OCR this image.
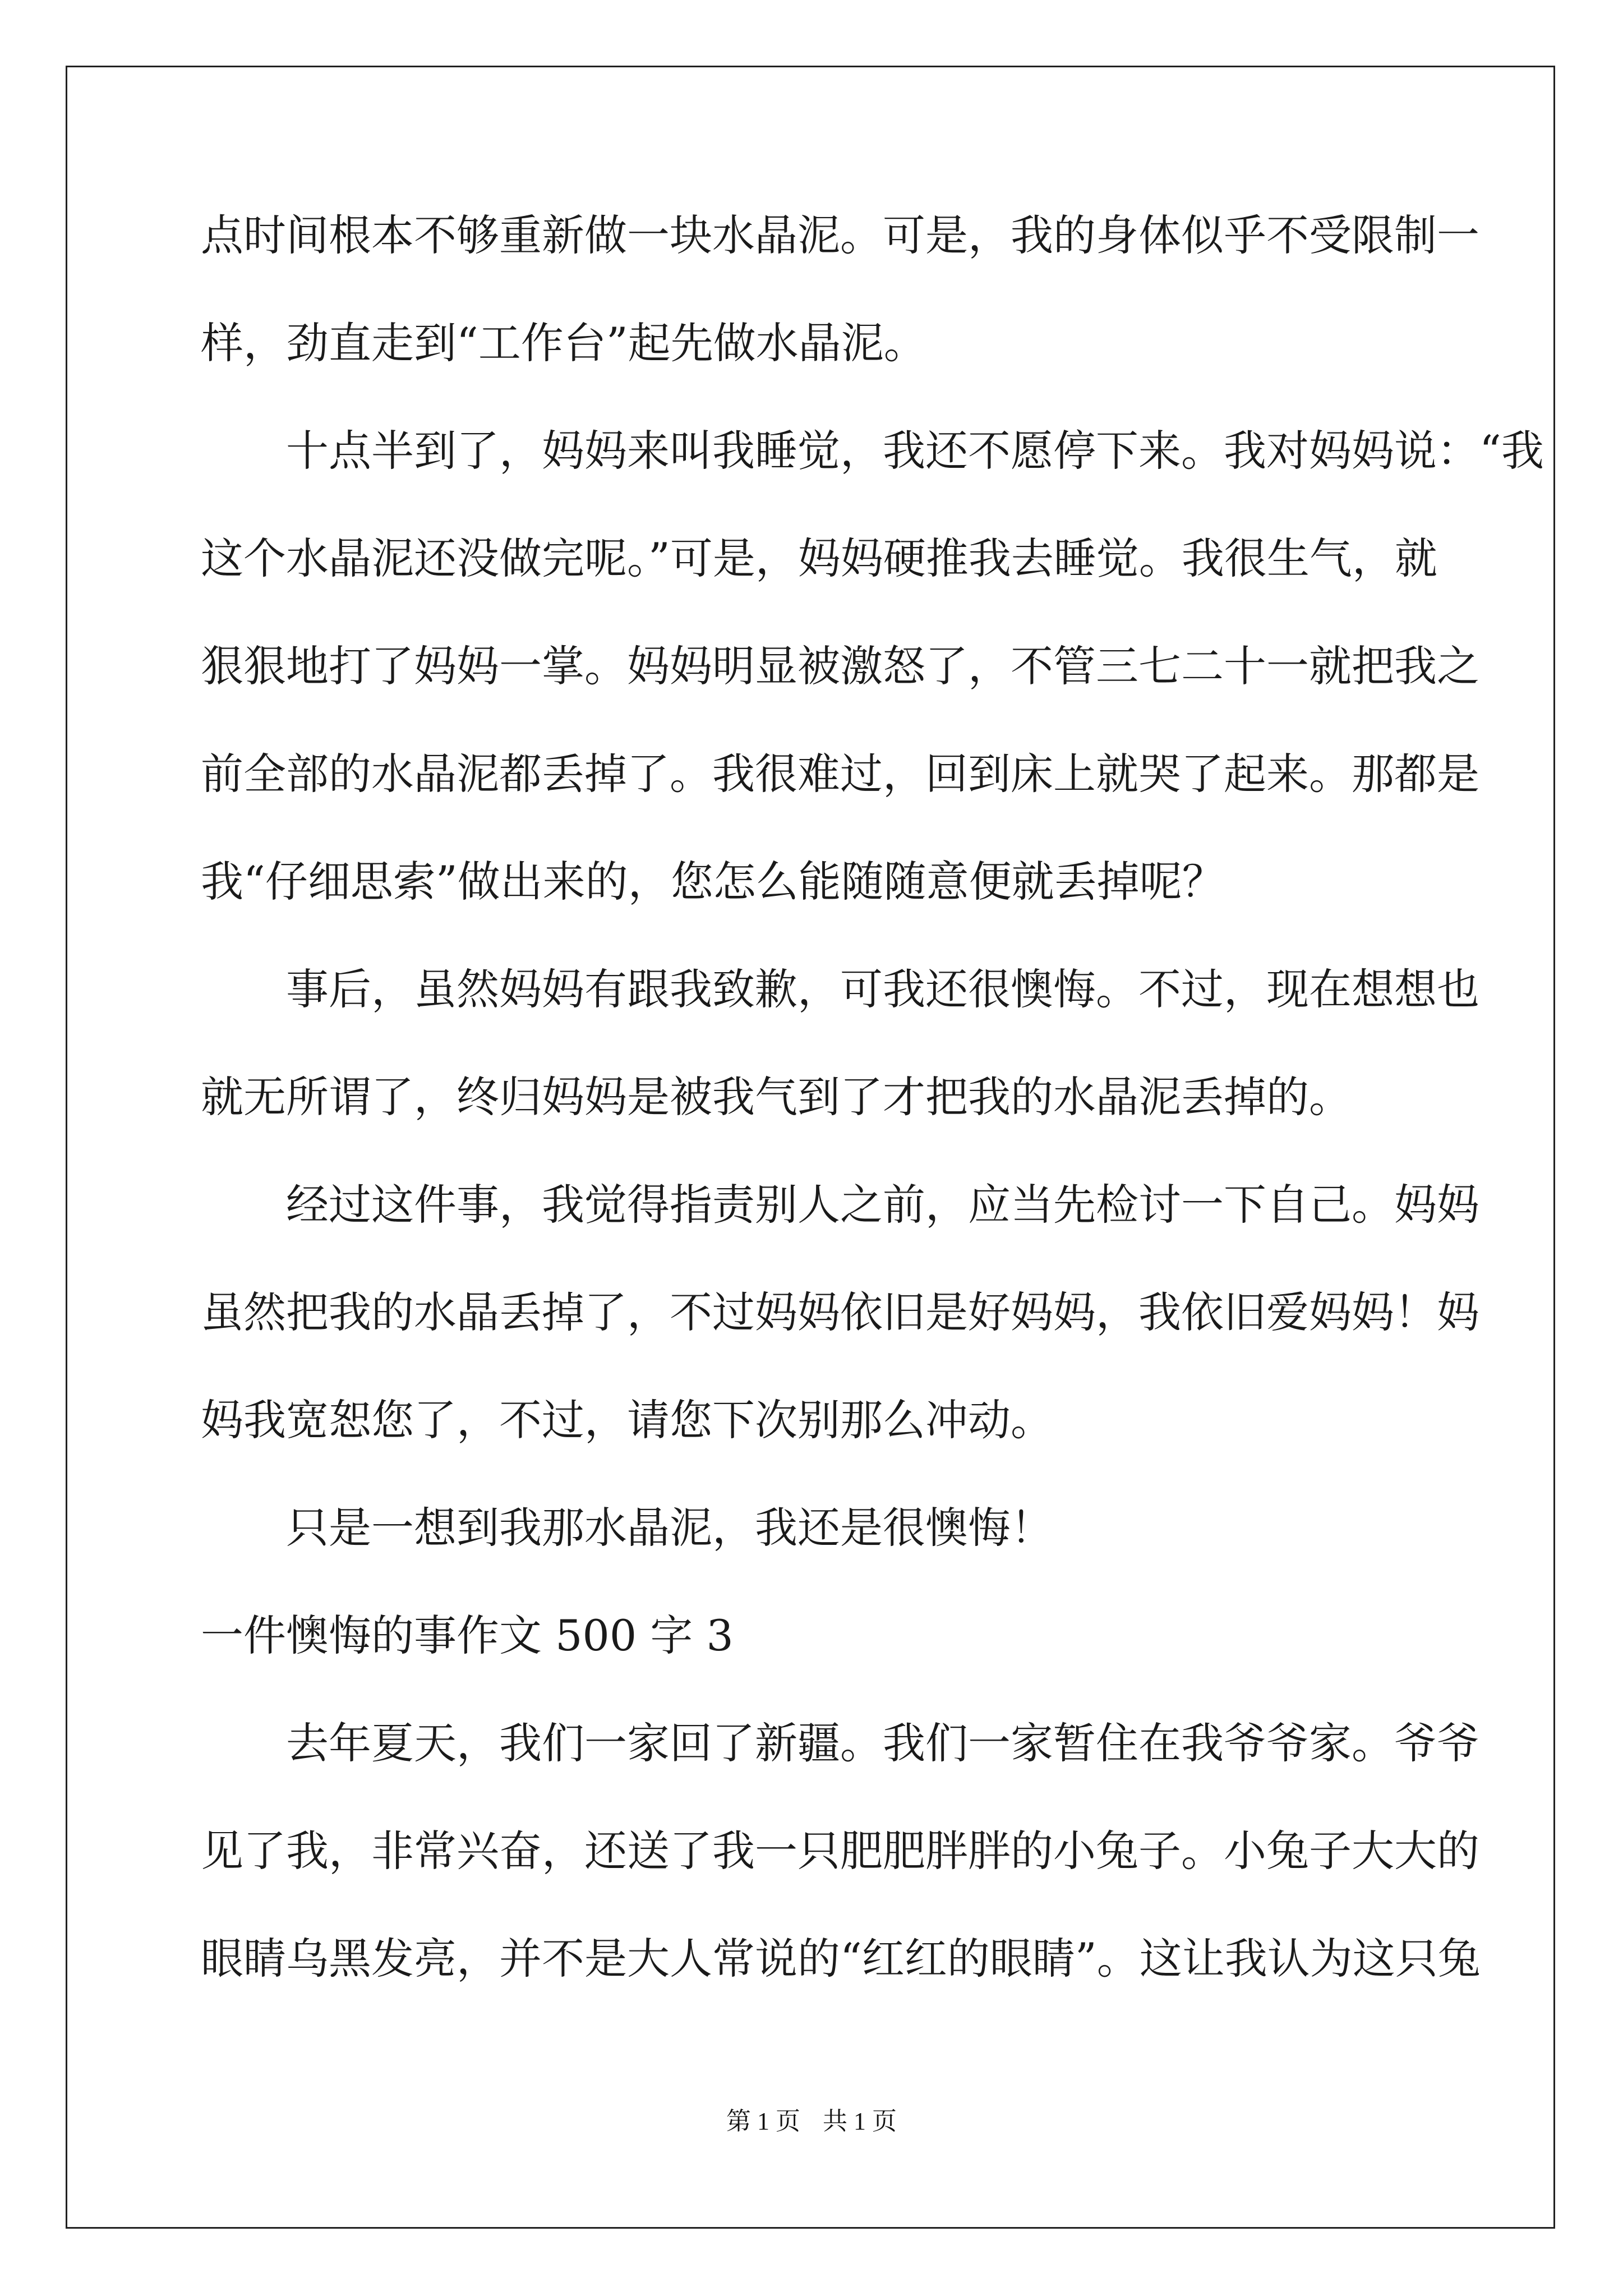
点时间根本不够重新做一块水晶泥。可是，我的身体似乎不受限制一
样，劲直走到“工作台”起先做水晶泥。
　　十点半到了，妈妈来叫我睡觉，我还不愿停下来。我对妈妈说：“我
这个水晶泥还没做完呢。”可是，妈妈硬推我去睡觉。我很生气，就
狠狠地打了妈妈一掌。妈妈明显被激怒了，不管三七二十一就把我之
前全部的水晶泥都丢掉了。我很难过，回到床上就哭了起来。那都是
我“仔细思索”做出来的，您怎么能随随意便就丢掉呢？
　　事后，虽然妈妈有跟我致歉，可我还很懊悔。不过，现在想想也
就无所谓了，终归妈妈是被我气到了才把我的水晶泥丢掉的。
　　经过这件事，我觉得指责别人之前，应当先检讨一下自己。妈妈
虽然把我的水晶丢掉了，不过妈妈依旧是好妈妈，我依旧爱妈妈！妈
妈我宽恕您了，不过，请您下次别那么冲动。
　　只是一想到我那水晶泥，我还是很懊悔！
一件懊悔的事作文 500 字 3
　　去年夏天，我们一家回了新疆。我们一家暂住在我爷爷家。爷爷
见了我，非常兴奋，还送了我一只肥肥胖胖的小兔子。小兔子大大的
眼睛乌黑发亮，并不是大人常说的“红红的眼睛”。这让我认为这只兔
第 1 页 共 1 页
